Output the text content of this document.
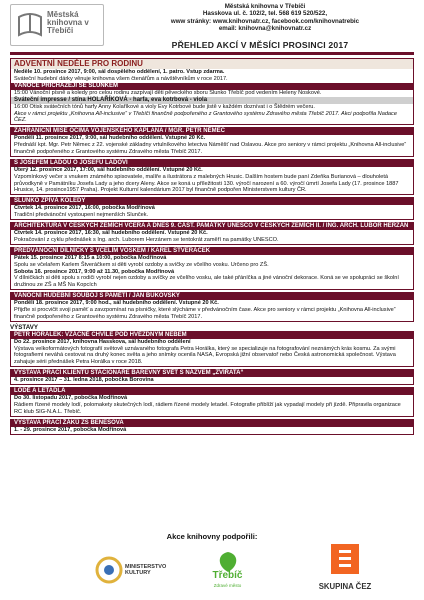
Městská knihovna v Třebíči
Městská knihovna v Třebíči
Hasskova ul. č. 102/2, tel. 568 619 520/522,
www stránky: www.knihovnatr.cz, facebook.com/knihovnatrebic
email: knihovna@knihovnatr.cz
PŘEHLED AKCÍ V MĚSÍCI PROSINCI 2017
ADVENTNÍ NEDĚLE PRO RODINU
Neděle 10. prosince 2017, 9:00, sál dospělého oddělení, 1. patro. Vstup zdarma.
Sváteční hudební dárky věnuje knihovna všem čtenářům a návštěvníkům v roce 2017.
VÁNOCE PŘICHÁZEJÍ SE SLUNKEM
15:00 Vánoční písně a koledy pro celou rodinu zazpívají děti pěveckého sboru Slunko Třebíč pod vedením Heleny Noskové.
Sváteční impresse / stína HOLAŘÍKOVÁ - harfa, eva kotrbová - viola
16:00 Otisk svátečních tónů harfy Anny Kolaříkové a violy Evy Kotrbové bude jistě v každém doznívat i o Štědrém večeru.
Akce v rámci projektu „Knihovna All-inclusive“ v Třebíči finančně podpořeného z Grantového systému Zdravého města Třebíč 2017. Akci podpořila Nadace ČEZ.
ZAHRANIČNÍ MISE OČIMA VOJENSKÉHO KAPLANA / MGR. PETR NĚMEC
Pondělí 11. prosince 2017, 9:00, sál hudebního oddělení. Vstupné 20 Kč.
Přednáší kpt. Mgr. Petr Němec z 22. vojenské základny vrtulníkového letectva Náměšť nad Oslavou. Akce pro seniory v rámci projektu „Knihovna All-inclusive“ finančně podpořeného z Grantového systému Zdravého města Třebíč 2017.
S JOSEFEM LADOU O JOSEFU LADOVI
Úterý 12. prosince 2017, 17:00, sál hudebního oddělení. Vstupné 20 Kč.
Vzpomínkový večer s vnukem známého spisovatele, malíře a ilustrátora z malebných Hrusic. Dalším hostem bude paní Zdeňka Burianová – dlouholetá průvodkyně v Památníku Josefa Lady a jeho dcery Aleny. Akce se koná u příležitosti 130. výročí narození a 60. výročí úmrtí Josefa Lady (17. prosince 1887 Hrusice, 14. prosince1957 Praha). Projekt Kulturní kalendárium 2017 byl finančně podpořen Ministerstvem kultury ČR.
SLUNKO ZPÍVÁ KOLEDY
Čtvrtek 14. prosince 2017, 16:00, pobočka Modřínová
Tradiční předvánoční vystoupení nejmenších Slunček.
ARCHITEKTURA V ČESKÝCH ZEMÍCH VČERA A DNES 9. ČÁST. PAMÁTKY UNESCO V ČESKÝCH ZEMÍCH II. / ING. ARCH. LUBOR HERZÁN
Čtvrtek 14. prosince 2017, 16:30, sál hudebního oddělení. Vstupné 20 Kč.
Pokračování z cyklu přednášek s Ing. arch. Luborem Herzánem se tentokrát zaměří na památky UNESCO.
PŘEDVÁNOČNÍ DÍLNIČKY S VČELÍM VOSKEM / KAREL ŠTVERÁČEK
Pátek 15. prosince 2017 8:15 a 10:00, pobočka Modřínová
Spolu se včelařem Karlem Štveráčkem si děti vyrobí ozdoby a svíčky ze včelího vosku. Určeno pro ZŠ.
Sobota 16. prosince 2017, 9:00 až 11.30, pobočka Modřínová
V dílničkách si děti spolu s rodiči vyrobí nejen ozdoby a svíčky ze včelího vosku, ale také přáníčka a jiné vánoční dekorace. Koná se ve spolupráci se školní družinou ze ZŠ a MŠ Na Kopcích
VÁNOČNÍ HUDEBNÍ SOUBOJ S PAMĚTÍ / JAN BUKOVSKÝ
Pondělí 18. prosince 2017, 9:00 hod., sál hudebního oddělení. Vstupné 20 Kč.
Přijďte si procvičit svoji paměť a zavzpomínat na písničky, které slýcháme v předvánočním čase. Akce pro seniory v rámci projektu „Knihovna All-inclusive“ finančně podpořeného z Grantového systému Zdravého města Třebíč 2017.
VÝSTAVY
PETR HORÁLEK: VZÁCNÉ CHVÍLE POD HVĚZDNÝM NEBEM
Do 22. prosince 2017, knihovna Hasskova, sál hudebního oddělení
Výstava velkoformátových fotografií světově uznávaného fotografa Petra Horálka, který se specializuje na fotografování neznámých krás kosmu. Za svými fotografiemi neváhá cestovat na druhý konec světa a jeho snímky ocenila NASA, Evropská jižní observatoř nebo Česká astronomická společnost. Výstava zahajuje sérii přednášek Petra Horálka v roce 2018.
VÝSTAVA PRACÍ KLIENTŮ STACIONÁŘE BAREVNÝ SVĚT S NÁZVEM „ZVÍŘATA“
4. prosince 2017 – 31. ledna 2018, pobočka Borovina
LODĚ A LETADLA
Do 30. listopadu 2017, pobočka Modřínová
Rádiem řízené modely lodí, polomakety skutečných lodí, rádiem řízené modely letadel. Fotografie přiblíží jak vypadají modely při jízdě. Připravila organizace RC klub SIG-N.A.L. Třebíč.
VÝSTAVA PRACÍ ŽÁKŮ ZŠ BENEŠOVA
1. - 29. prosince 2017, pobočka Modřínová
Akce knihovny podpořili:
MINISTERSTVO KULTURY	Třebíč
Zdravé město	SKUPINA ČEZ
